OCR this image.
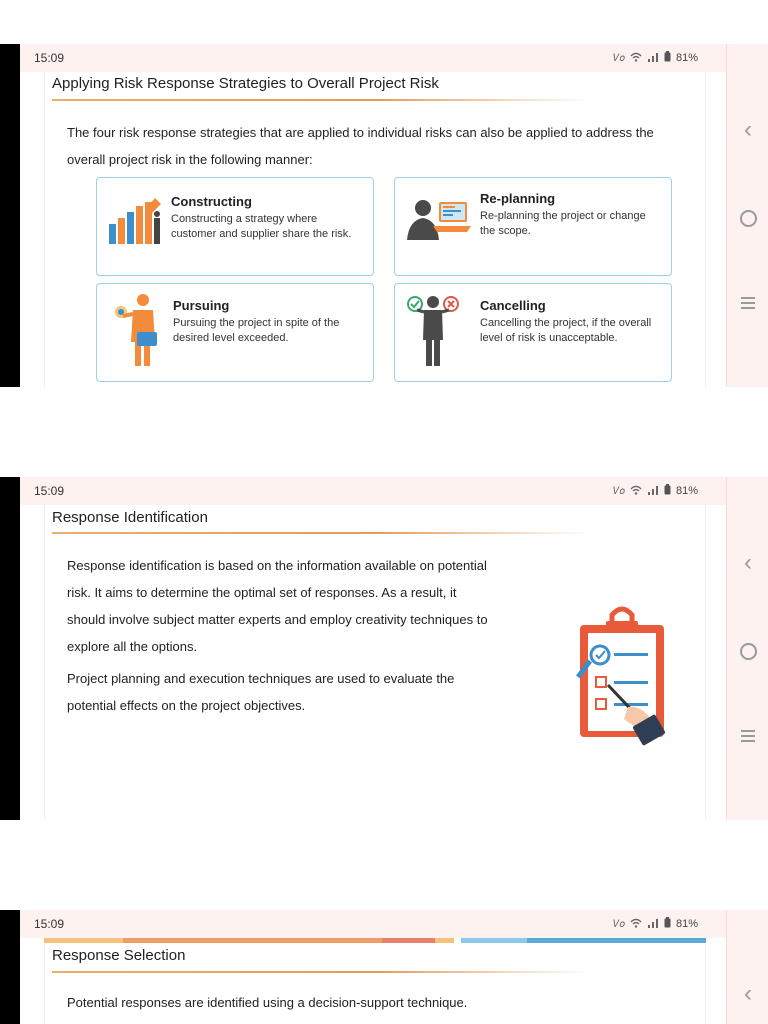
15:09	𝑉𝑜	81%
Applying Risk Response Strategies to Overall Project Risk
The four risk response strategies that are applied to individual risks can also be applied to address the
overall project risk in the following manner:
Constructing
Constructing a strategy where
customer and supplier share the risk.
Re-planning
Re-planning the project or change
the scope.
Pursuing
Pursuing the project in spite of the
desired level exceeded.
Cancelling
Cancelling the project, if the overall
level of risk is unacceptable.
‹
15:09	𝑉𝑜	81%
Response Identification
Response identification is based on the information available on potential
risk. It aims to determine the optimal set of responses. As a result, it
should involve subject matter experts and employ creativity techniques to
explore all the options.
Project planning and execution techniques are used to evaluate the
potential effects on the project objectives.
‹
15:09	𝑉𝑜	81%
Response Selection
Potential responses are identified using a decision-support technique.	‹
